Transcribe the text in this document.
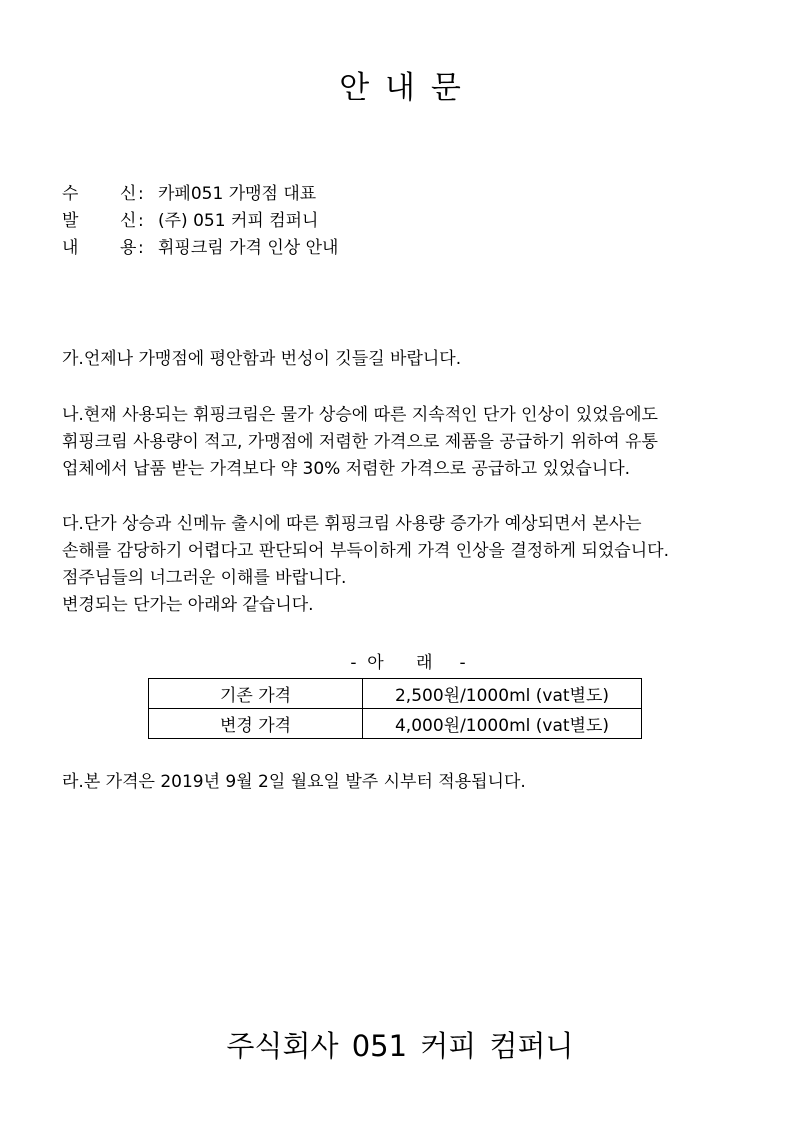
안 내 문
수	신 : 카페051 가맹점 대표
발	신 : (주) 051 커피 컴퍼니
내	용 : 휘핑크림 가격 인상 안내
가.언제나 가맹점에 평안함과 번성이 깃들길 바랍니다.
나.현재 사용되는 휘핑크림은 물가 상승에 따른 지속적인 단가 인상이 있었음에도
휘핑크림 사용량이 적고, 가맹점에 저렴한 가격으로 제품을 공급하기 위하여 유통
업체에서 납품 받는 가격보다 약 30% 저렴한 가격으로 공급하고 있었습니다.
다.단가 상승과 신메뉴 출시에 따른 휘핑크림 사용량 증가가 예상되면서 본사는
손해를 감당하기 어렵다고 판단되어 부득이하게 가격 인상을 결정하게 되었습니다.
점주님들의 너그러운 이해를 바랍니다.
변경되는 단가는 아래와 같습니다.
-  아      래     -
기존 가격	2,500원/1000ml (vat별도)
변경 가격	4,000원/1000ml (vat별도)
라.본 가격은 2019년 9월 2일 월요일 발주 시부터 적용됩니다.
주식회사 051 커피 컴퍼니
